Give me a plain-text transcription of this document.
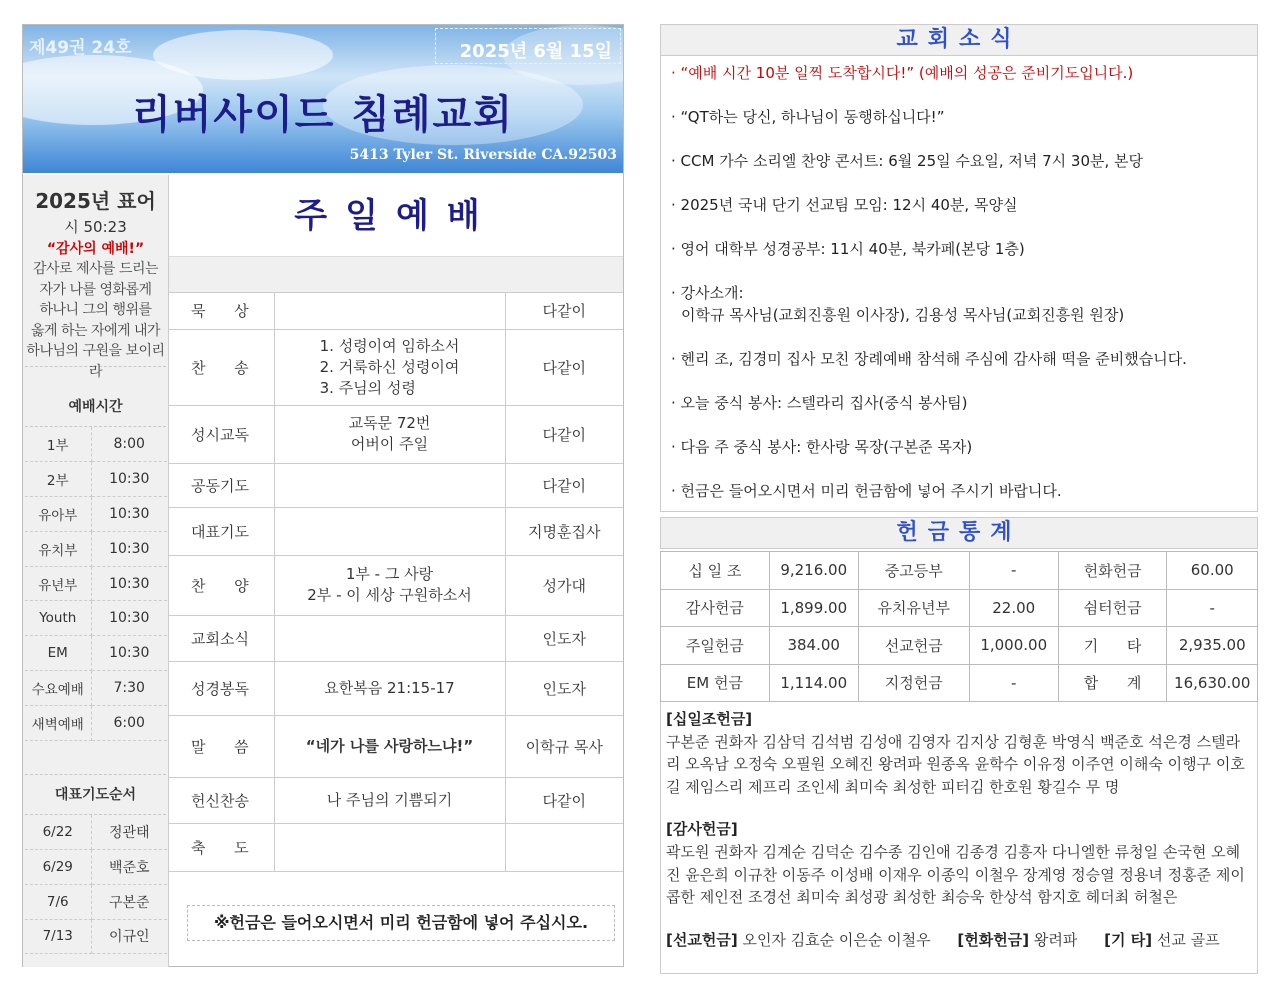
제49권 24호	2025년 6월 15일
리버사이드 침례교회
5413 Tyler St. Riverside CA.92503
2025년 표어
시 50:23
“감사의 예배!”
감사로 제사를 드리는
자가 나를 영화롭게
하나니 그의 행위를
옳게 하는 자에게 내가
하나님의 구원을 보이리라
예배시간
1부	8:00
2부	10:30
유아부	10:30
유치부	10:30
유년부	10:30
Youth	10:30
EM	10:30
수요예배	7:30
새벽예배	6:00
대표기도순서
6/22	정관태
6/29	백준호
7/6	구본준
7/13	이규인
주일예배
묵      상		다같이
찬      송	1. 성령이여 임하소서
2. 거룩하신 성령이여
3. 주님의 성령	다같이
성시교독	교독문 72번
어버이 주일	다같이
공동기도		다같이
대표기도		지명훈집사
찬      양	1부 - 그 사랑
2부 - 이 세상 구원하소서	성가대
교회소식		인도자
성경봉독	요한복음 21:15-17	인도자
말      씀	“네가 나를 사랑하느냐!”	이학규 목사
헌신찬송	나 주님의 기쁨되기	다같이
축      도	

※헌금은 들어오시면서 미리 헌금함에 넣어 주십시오.
교회소식
· “예배 시간 10분 일찍 도착합시다!” (예배의 성공은 준비기도입니다.)
· “QT하는 당신, 하나님이 동행하십니다!”
· CCM 가수 소리엘 찬양 콘서트: 6월 25일 수요일, 저녁 7시 30분, 본당
· 2025년 국내 단기 선교팀 모임: 12시 40분, 목양실
· 영어 대학부 성경공부: 11시 40분, 북카페(본당 1층)
· 강사소개:
이학규 목사님(교회진흥원 이사장), 김용성 목사님(교회진흥원 원장)
· 헨리 조, 김경미 집사 모친 장례예배 참석해 주심에 감사해 떡을 준비했습니다.
· 오늘 중식 봉사: 스텔라리 집사(중식 봉사팀)
· 다음 주 중식 봉사: 한사랑 목장(구본준 목자)
· 헌금은 들어오시면서 미리 헌금함에 넣어 주시기 바랍니다.
헌금통계
십 일 조	9,216.00	중고등부	-	헌화헌금	60.00
감사헌금	1,899.00	유치유년부	22.00	쉼터헌금	-
주일헌금	384.00	선교헌금	1,000.00	기      타	2,935.00
EM 헌금	1,114.00	지정헌금	-	합      계	16,630.00
[십일조헌금]
구본준 권화자 김삼덕 김석범 김성애 김영자 김지상 김형훈 박영식 백준호 석은경 스텔라리 오옥남 오정숙 오필원 오혜진 왕려파 원종옥 윤학수 이유정 이주연 이해숙 이행구 이호길 제임스리 제프리 조인세 최미숙 최성한 피터김 한호원 황길수 무 명
[감사헌금]
곽도원 권화자 김계순 김덕순 김수종 김인애 김종경 김흥자 다니엘한 류청일 손국현 오혜진 윤은희 이규찬 이동주 이성배 이재우 이종익 이철우 장계영 정승열 정용녀 정홍준 제이콥한 제인전 조경선 최미숙 최성광 최성한 최승욱 한상석 함지호 헤더최 허철은
[선교헌금] 오인자 김효순 이은순 이철우 [헌화헌금] 왕려파 [기 타] 선교 골프
